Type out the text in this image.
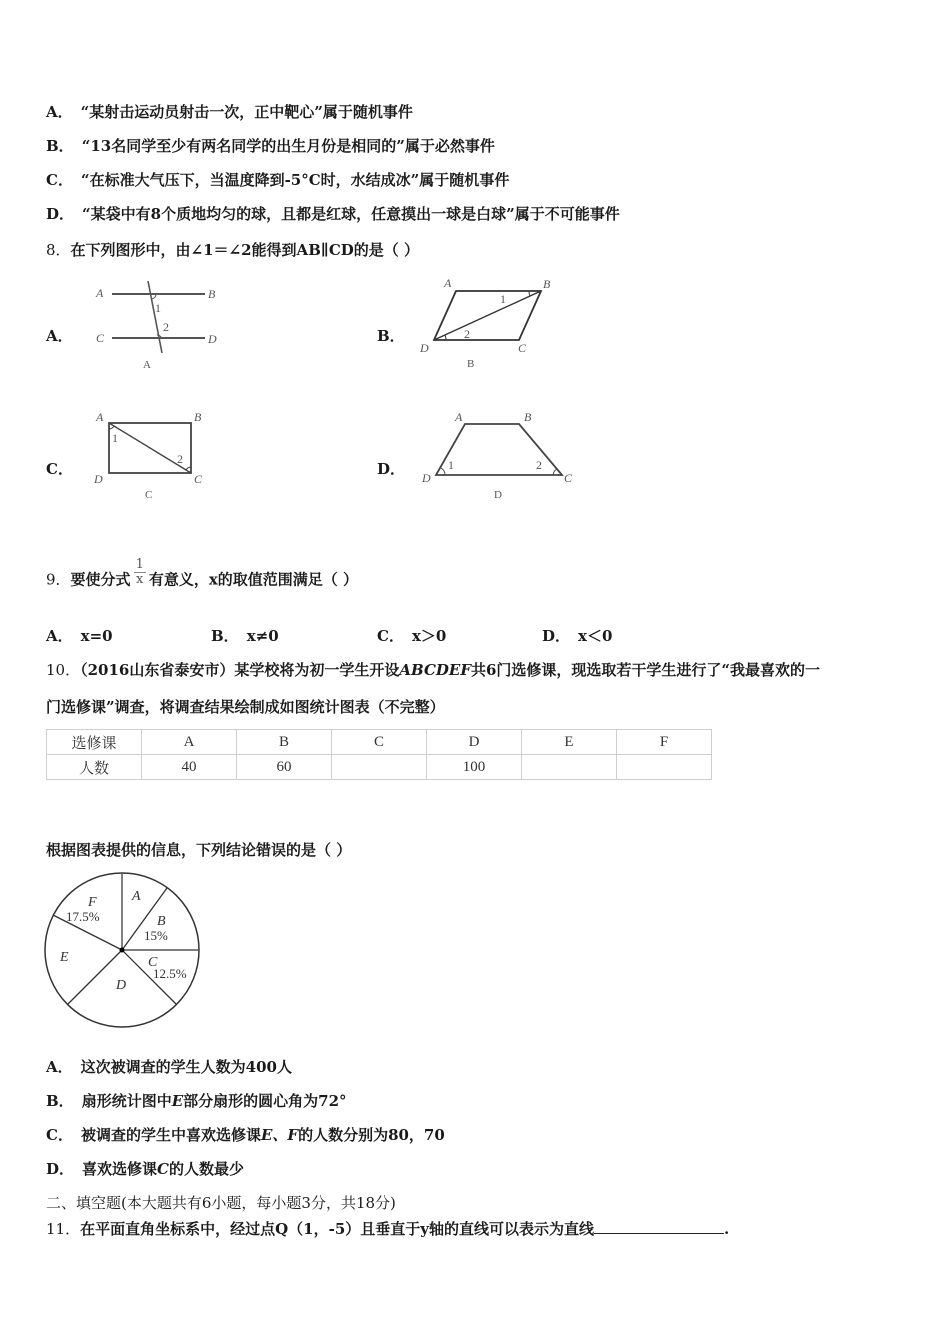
A． “某射击运动员射击一次，正中靶心”属于随机事件
B． “13名同学至少有两名同学的出生月份是相同的”属于必然事件
C． “在标准大气压下，当温度降到-5°C时，水结成冰”属于随机事件
D． “某袋中有8个质地均匀的球，且都是红球，任意摸出一球是白球”属于不可能事件
8．在下列图形中，由∠1＝∠2能得到AB∥CD的是（ ）
A．
A	B
C	D
1
2
A
B．
A	B
C
D
1
2
B
C．
A	B
C
D
1
2
C
D．
A	B
C
D
1	2
D
9．要使分式 $\frac{1}{x}$ 有意义，x的取值范围满足（ ）
A． x=0	B． x≠0	C． x＞0	D． x＜0
10．（2016山东省泰安市）某学校将为初一学生开设ABCDEF共6门选修课，现选取若干学生进行了“我最喜欢的一
门选修课”调查，将调查结果绘制成如图统计图表（不完整）
选修课	A	B	C	D	E	F
人数	40	60		100		
根据图表提供的信息，下列结论错误的是（ ）
A
B
15%
C
12.5%
D
E
F
17.5%
A． 这次被调查的学生人数为400人
B． 扇形统计图中E部分扇形的圆心角为72°
C． 被调查的学生中喜欢选修课E、F的人数分别为80，70
D． 喜欢选修课C的人数最少
二、填空题(本大题共有6小题，每小题3分，共18分)
11．在平面直角坐标系中，经过点Q（1，-5）且垂直于y轴的直线可以表示为直线	.
